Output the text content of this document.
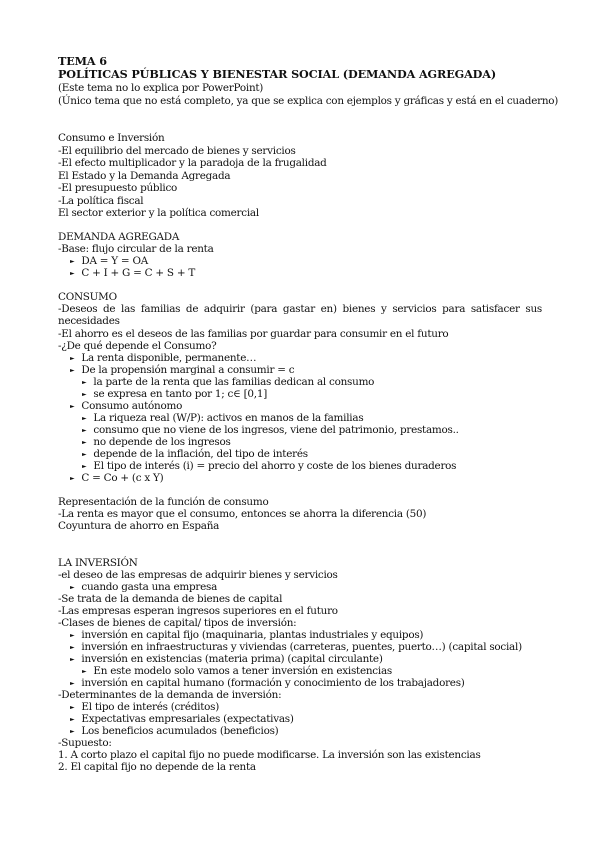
TEMA 6
POLÍTICAS PÚBLICAS Y BIENESTAR SOCIAL (DEMANDA AGREGADA)
(Este tema no lo explica por PowerPoint)
(Único tema que no está completo, ya que se explica con ejemplos y gráficas y está en el cuaderno)
Consumo e Inversión
-El equilibrio del mercado de bienes y servicios
-El efecto multiplicador y la paradoja de la frugalidad
El Estado y la Demanda Agregada
-El presupuesto público
-La política fiscal
El sector exterior y la política comercial
DEMANDA AGREGADA
-Base: flujo circular de la renta
► DA = Y = OA
► C + I + G = C + S + T
CONSUMO
-Deseos de las familias de adquirir (para gastar en) bienes y servicios para satisfacer sus necesidades
-El ahorro es el deseos de las familias por guardar para consumir en el futuro
-¿De qué depende el Consumo?
► La renta disponible, permanente…
► De la propensión marginal a consumir = c
► la parte de la renta que las familias dedican al consumo
► se expresa en tanto por 1; c∈ [0,1]
► Consumo autónomo
► La riqueza real (W/P): activos en manos de la familias
► consumo que no viene de los ingresos, viene del patrimonio, prestamos..
► no depende de los ingresos
► depende de la inflación, del tipo de interés
► El tipo de interés (i) = precio del ahorro y coste de los bienes duraderos
► C = Co + (c x Y)
Representación de la función de consumo
-La renta es mayor que el consumo, entonces se ahorra la diferencia (50)
Coyuntura de ahorro en España
LA INVERSIÓN
-el deseo de las empresas de adquirir bienes y servicios
► cuando gasta una empresa
-Se trata de la demanda de bienes de capital
-Las empresas esperan ingresos superiores en el futuro
-Clases de bienes de capital/ tipos de inversión:
► inversión en capital fijo (maquinaria, plantas industriales y equipos)
► inversión en infraestructuras y viviendas (carreteras, puentes, puerto…) (capital social)
► inversión en existencias (materia prima) (capital circulante)
► En este modelo solo vamos a tener inversión en existencias
► inversión en capital humano (formación y conocimiento de los trabajadores)
-Determinantes de la demanda de inversión:
► El tipo de interés (créditos)
► Expectativas empresariales (expectativas)
► Los beneficios acumulados (beneficios)
-Supuesto:
1. A corto plazo el capital fijo no puede modificarse. La inversión son las existencias
2. El capital fijo no depende de la renta
